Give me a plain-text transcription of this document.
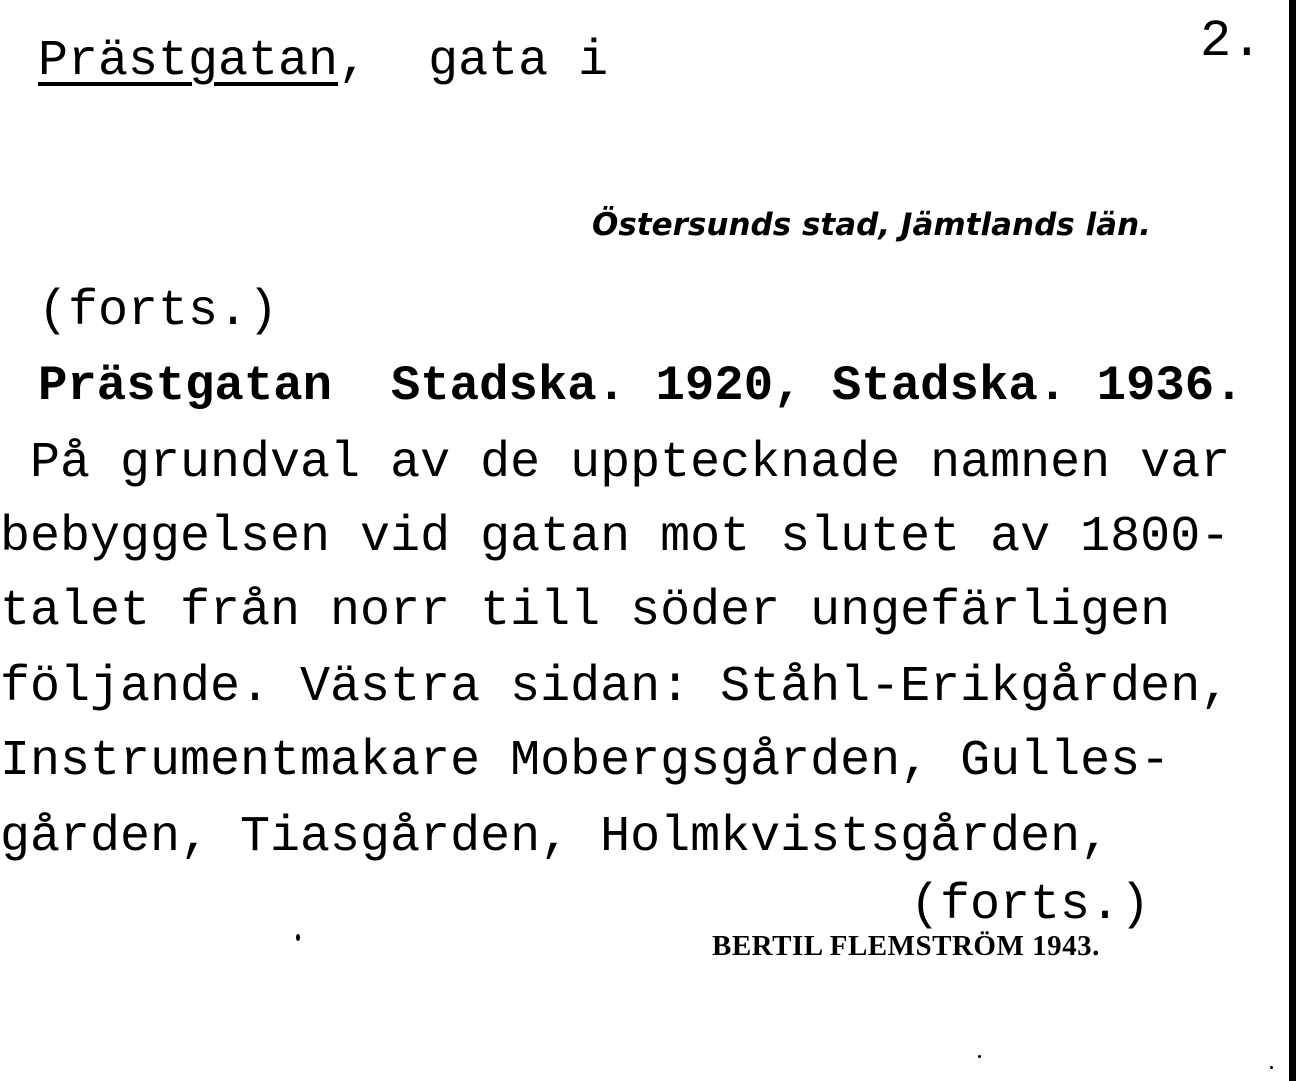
Prästgatan,  gata i	2.
Östersunds stad, Jämtlands län.
(forts.)
Prästgatan  Stadska. 1920, Stadska. 1936.
På grundval av de upptecknade namnen var
bebyggelsen vid gatan mot slutet av 1800-
talet från norr till söder ungefärligen
följande. Västra sidan: Ståhl-Erikgården,
Instrumentmakare Mobergsgården, Gulles-
gården, Tiasgården, Holmkvistsgården,
(forts.)
BERTIL FLEMSTRÖM 1943.
